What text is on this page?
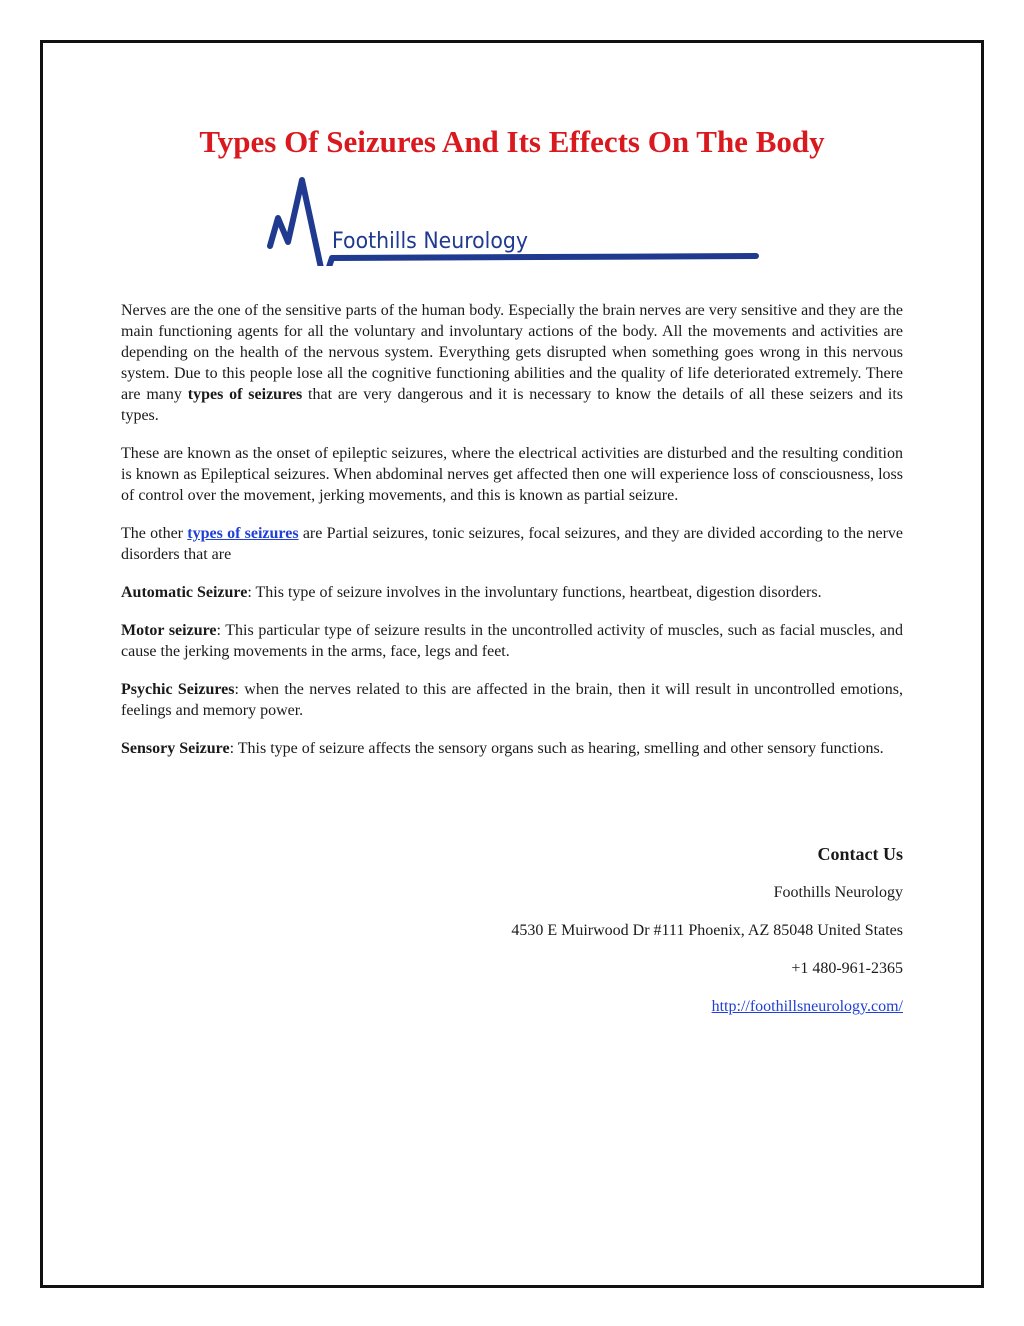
Types Of Seizures And Its Effects On The Body
Foothills Neurology

Nerves are the one of the sensitive parts of the human body. Especially the brain nerves are very sensitive and they are the main functioning agents for all the voluntary and involuntary actions of the body. All the movements and activities are depending on the health of the nervous system. Everything gets disrupted when something goes wrong in this nervous system. Due to this people lose all the cognitive functioning abilities and the quality of life deteriorated extremely. There are many types of seizures that are very dangerous and it is necessary to know the details of all these seizers and its types.

These are known as the onset of epileptic seizures, where the electrical activities are disturbed and the resulting condition is known as Epileptical seizures. When abdominal nerves get affected then one will experience loss of consciousness, loss of control over the movement, jerking movements, and this is known as partial seizure.

The other types of seizures are Partial seizures, tonic seizures, focal seizures, and they are divided according to the nerve disorders that are

Automatic Seizure: This type of seizure involves in the involuntary functions, heartbeat, digestion disorders.

Motor seizure: This particular type of seizure results in the uncontrolled activity of muscles, such as facial muscles, and cause the jerking movements in the arms, face, legs and feet.

Psychic Seizures: when the nerves related to this are affected in the brain, then it will result in uncontrolled emotions, feelings and memory power.

Sensory Seizure: This type of seizure affects the sensory organs such as hearing, smelling and other sensory functions.

Contact Us
Foothills Neurology
4530 E Muirwood Dr #111 Phoenix, AZ 85048 United States
+1 480-961-2365
http://foothillsneurology.com/
